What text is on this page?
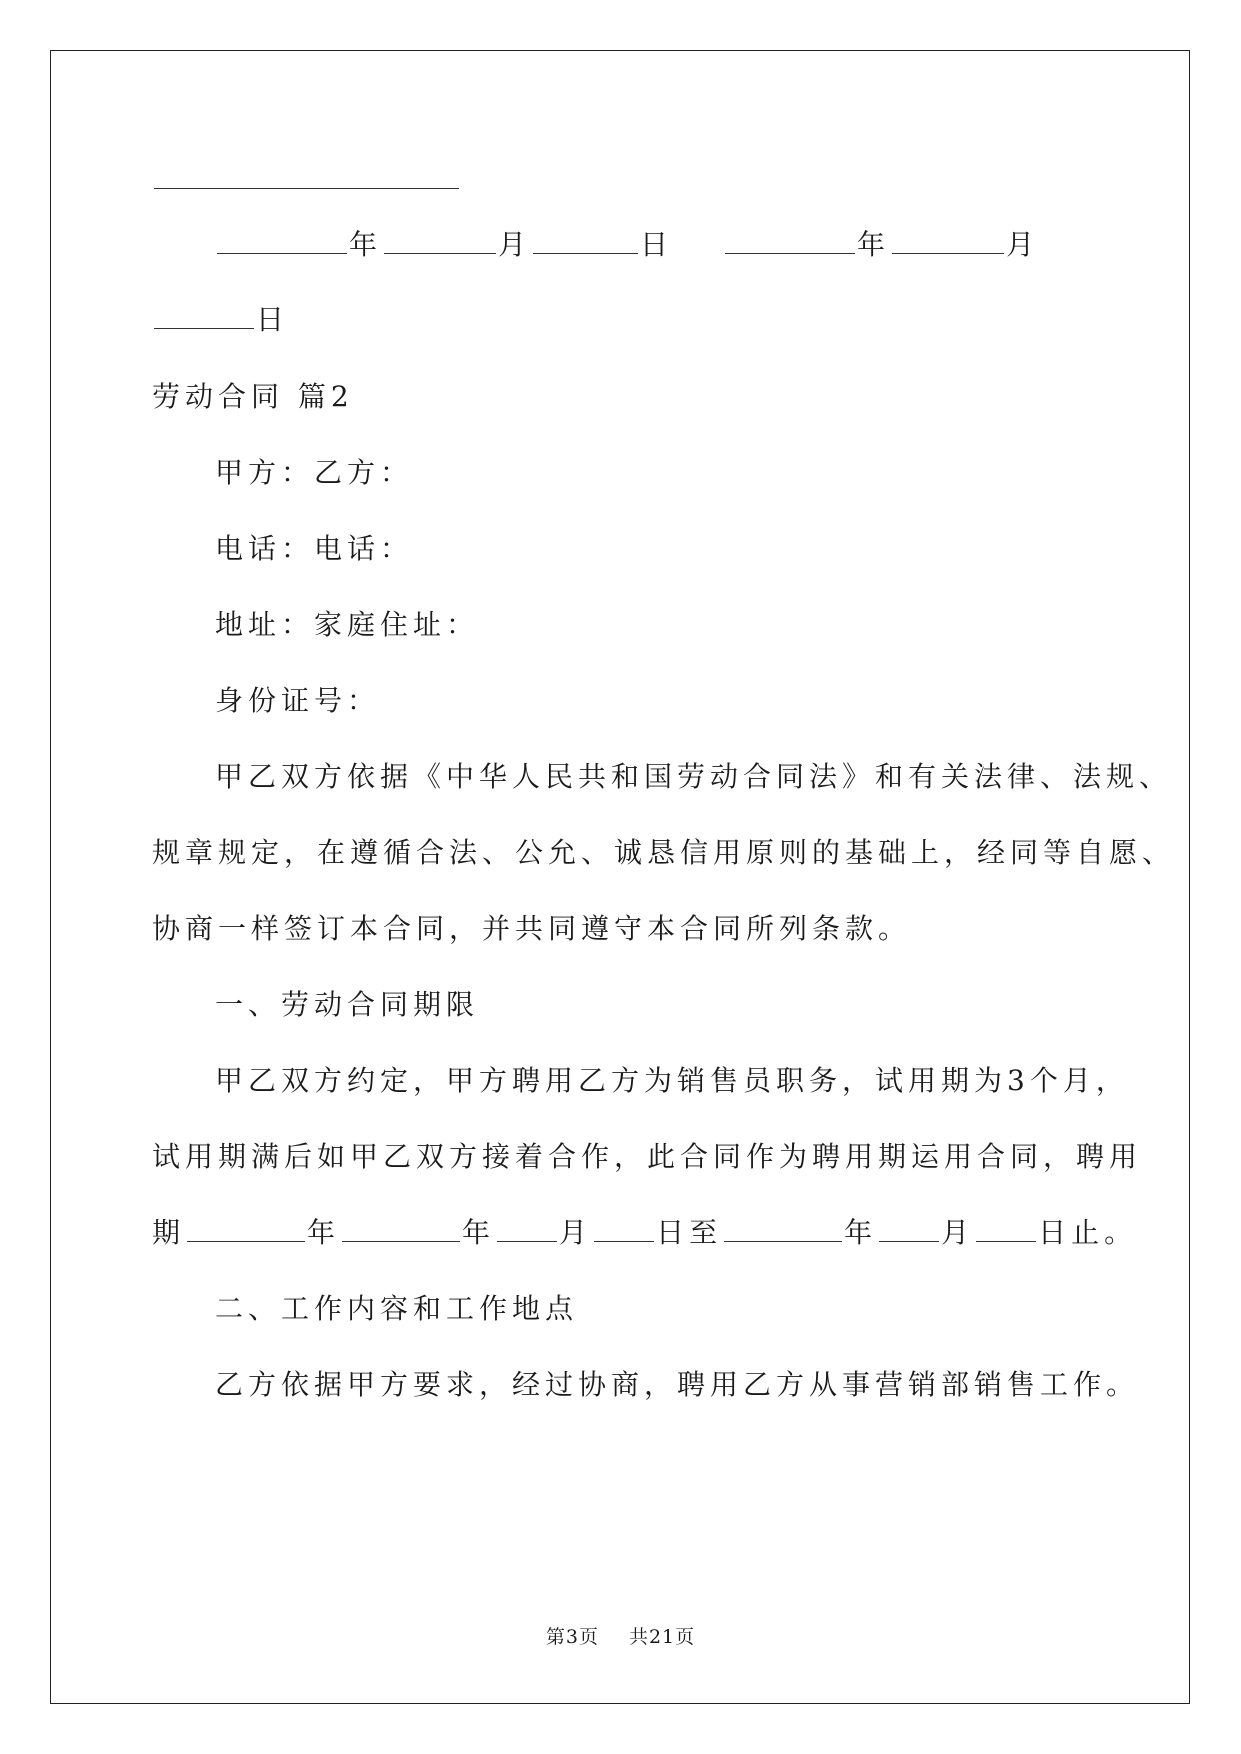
年	月	日	年	月
日
劳动合同 篇2
甲方：乙方：
电话：电话：
地址：家庭住址：
身份证号：
甲乙双方依据《中华人民共和国劳动合同法》和有关法律、法规、
规章规定，在遵循合法、公允、诚恳信用原则的基础上，经同等自愿、
协商一样签订本合同，并共同遵守本合同所列条款。
一、劳动合同期限
甲乙双方约定，甲方聘用乙方为销售员职务，试用期为3个月，
试用期满后如甲乙双方接着合作，此合同作为聘用期运用合同，聘用
期	年	年 月 日至	年 月 日止。
二、工作内容和工作地点
乙方依据甲方要求，经过协商，聘用乙方从事营销部销售工作。
第3页 共21页
